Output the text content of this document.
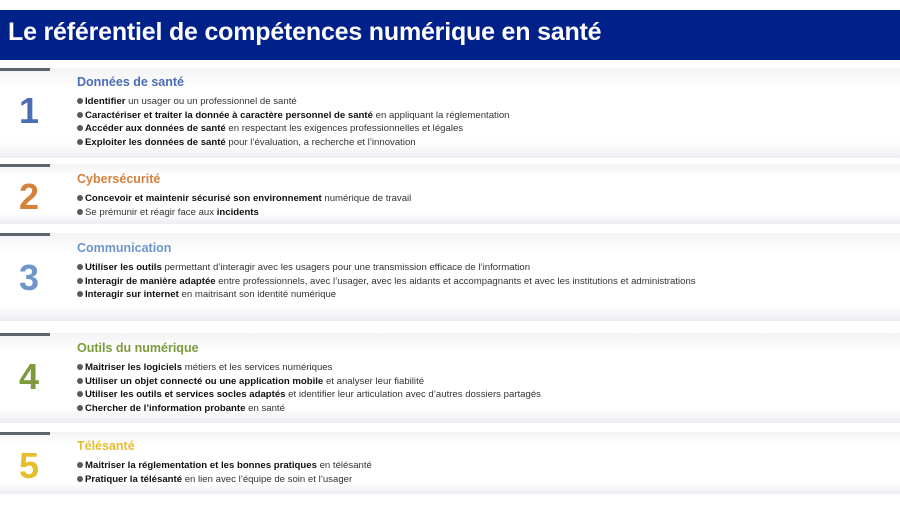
Le référentiel de compétences numérique en santé
1
Données de santé
Identifier un usager ou un professionnel de santé
Caractériser et traiter la donnée à caractère personnel de santé en appliquant la réglementation
Accéder aux données de santé en respectant les exigences professionnelles et légales
Exploiter les données de santé pour l’évaluation, a recherche et l’innovation
2	Cybersécurité
Concevoir et maintenir sécurisé son environnement numérique de travail
Se prémunir et réagir face aux incidents
3
Communication
Utiliser les outils permettant d’interagir avec les usagers pour une transmission efficace de l’information
Interagir de manière adaptée entre professionnels, avec l’usager, avec les aidants et accompagnants et avec les institutions et administrations
Interagir sur internet en maitrisant son identité numérique
4
Outils du numérique
Maitriser les logiciels métiers et les services numériques
Utiliser un objet connecté ou une application mobile et analyser leur fiabilité
Utiliser les outils et services socles adaptés et identifier leur articulation avec d’autres dossiers partagés
Chercher de l’information probante en santé
5	Télésanté
Maitriser la réglementation et les bonnes pratiques en télésanté
Pratiquer la télésanté en lien avec l’équipe de soin et l’usager
